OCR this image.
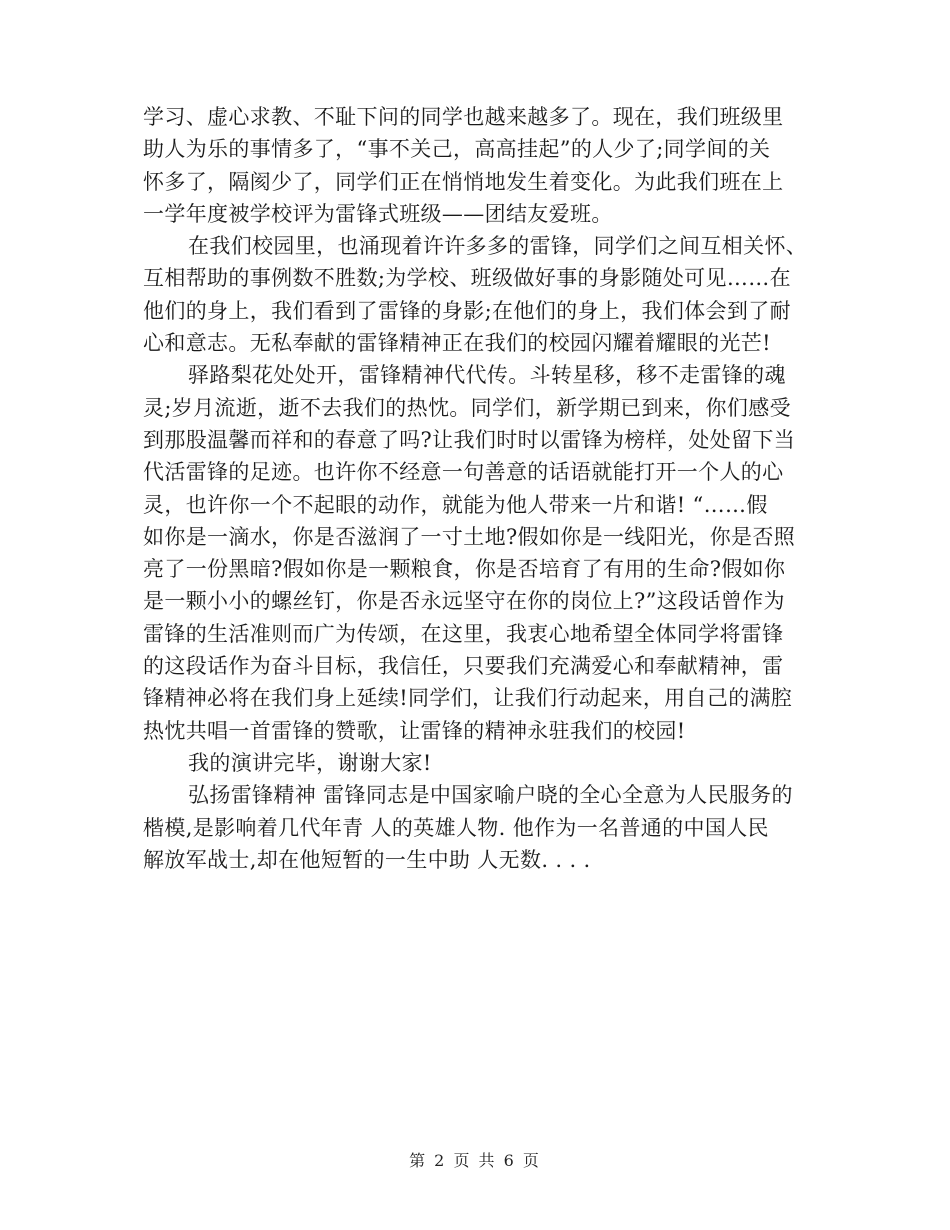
学习、虚心求教、不耻下问的同学也越来越多了。现在，我们班级里
助人为乐的事情多了，“事不关己，高高挂起”的人少了;同学间的关
怀多了，隔阂少了，同学们正在悄悄地发生着变化。为此我们班在上
一学年度被学校评为雷锋式班级——团结友爱班。
在我们校园里，也涌现着许许多多的雷锋，同学们之间互相关怀、
互相帮助的事例数不胜数;为学校、班级做好事的身影随处可见……在
他们的身上，我们看到了雷锋的身影;在他们的身上，我们体会到了耐
心和意志。无私奉献的雷锋精神正在我们的校园闪耀着耀眼的光芒!
驿路梨花处处开，雷锋精神代代传。斗转星移，移不走雷锋的魂
灵;岁月流逝，逝不去我们的热忱。同学们，新学期已到来，你们感受
到那股温馨而祥和的春意了吗?让我们时时以雷锋为榜样，处处留下当
代活雷锋的足迹。也许你不经意一句善意的话语就能打开一个人的心
灵，也许你一个不起眼的动作，就能为他人带来一片和谐! “……假
如你是一滴水，你是否滋润了一寸土地?假如你是一线阳光，你是否照
亮了一份黑暗?假如你是一颗粮食，你是否培育了有用的生命?假如你
是一颗小小的螺丝钉，你是否永远坚守在你的岗位上?”这段话曾作为
雷锋的生活准则而广为传颂，在这里，我衷心地希望全体同学将雷锋
的这段话作为奋斗目标，我信任，只要我们充满爱心和奉献精神，雷
锋精神必将在我们身上延续!同学们，让我们行动起来，用自己的满腔
热忱共唱一首雷锋的赞歌，让雷锋的精神永驻我们的校园!
我的演讲完毕，谢谢大家!
弘扬雷锋精神 雷锋同志是中国家喻户晓的全心全意为人民服务的
楷模,是影响着几代年青 人的英雄人物. 他作为一名普通的中国人民
解放军战士,却在他短暂的一生中助 人无数. . . .
第 2 页 共 6 页
